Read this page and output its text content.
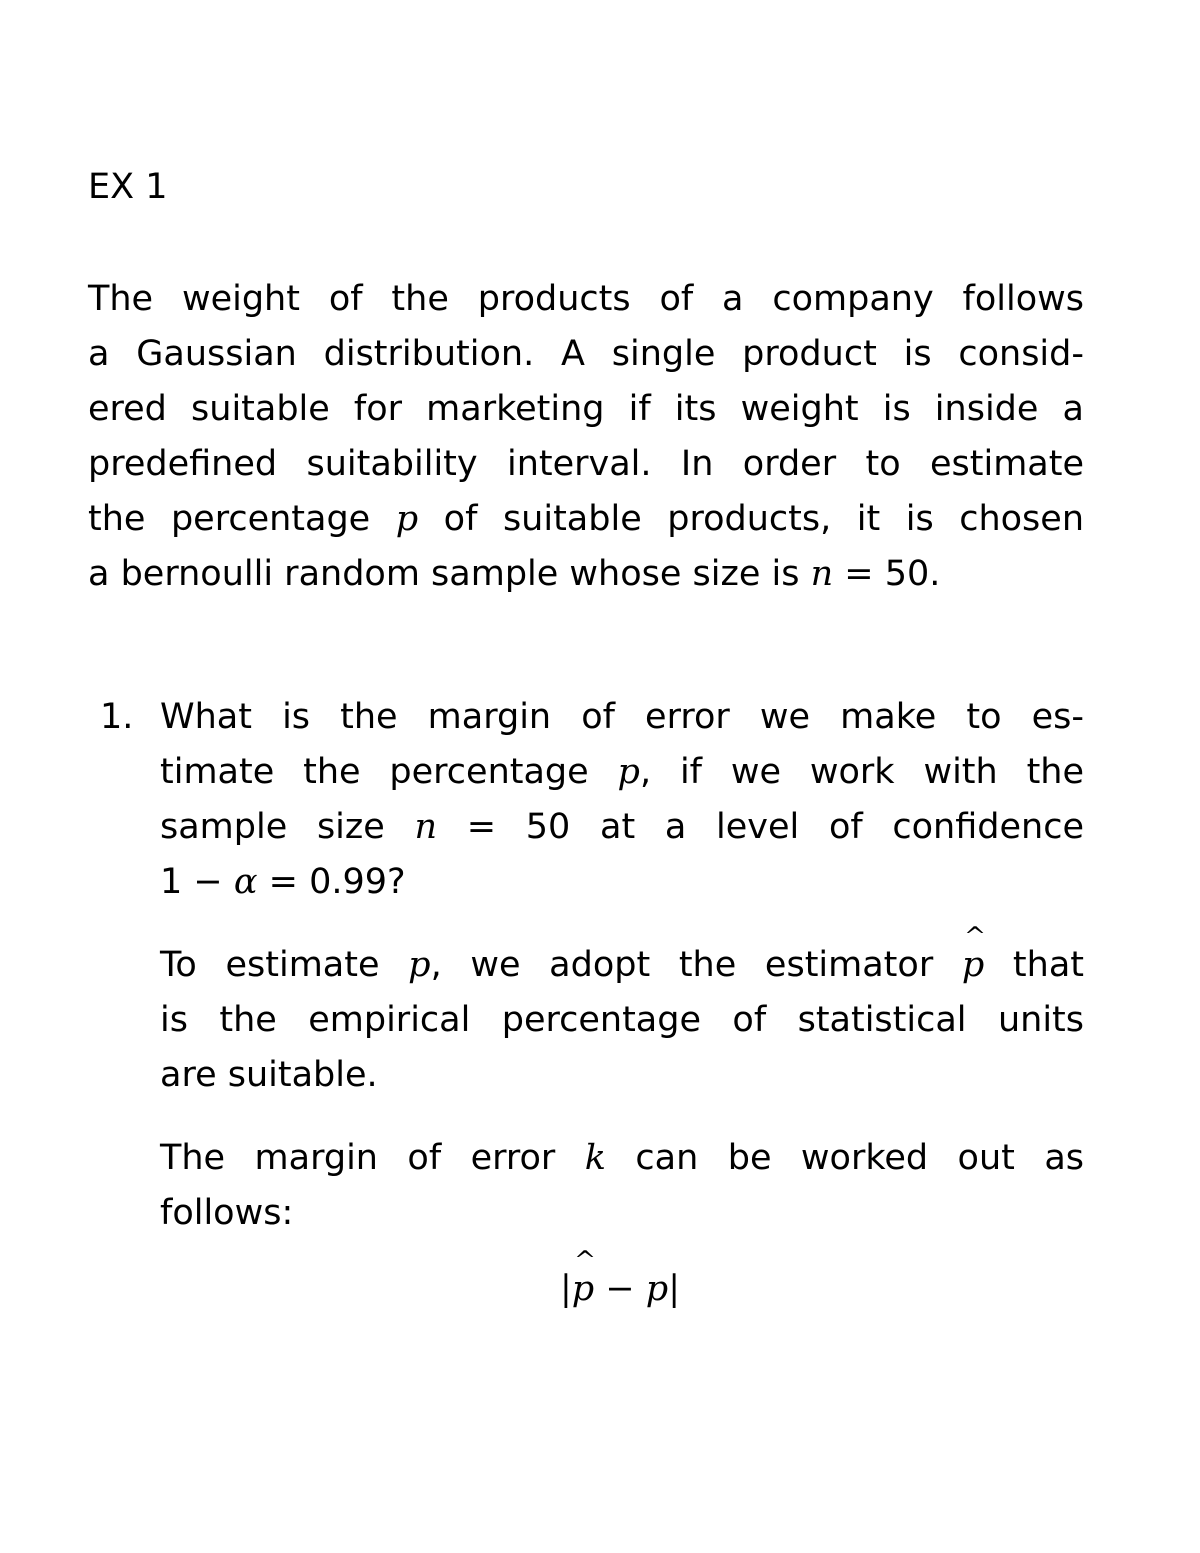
EX 1
The weight of the products of a company follows
a Gaussian distribution. A single product is consid-
ered suitable for marketing if its weight is inside a
predefined suitability interval. In order to estimate
the percentage p of suitable products, it is chosen
a bernoulli random sample whose size is n = 50.
1. What is the margin of error we make to es-
timate the percentage p, if we work with the
sample size n = 50 at a level of confidence
1 − α = 0.99?
To estimate p, we adopt the estimator ^ p that
is the empirical percentage of statistical units
are suitable.
The margin of error k can be worked out as
follows:
|^ p − p|
